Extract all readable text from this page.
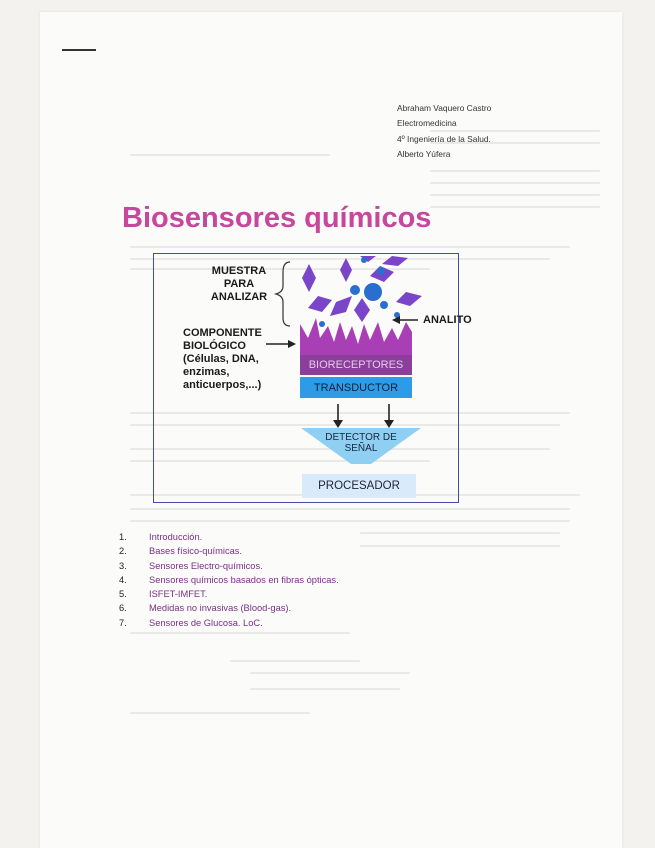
Abraham Vaquero Castro
Electromedicina
4º Ingeniería de la Salud.
Alberto Yúfera
Biosensores químicos
MUESTRA
PARA
ANALIZAR
ANALITO
COMPONENTE
BIOLÓGICO
(Células, DNA,
enzimas,
anticuerpos,...)
BIORECEPTORES
TRANSDUCTOR
DETECTOR DE
SEÑAL
PROCESADOR
1.	Introducción.
2.	Bases físico-químicas.
3.	Sensores Electro-químicos.
4.	Sensores químicos basados en fibras ópticas.
5.	ISFET-IMFET.
6.	Medidas no invasivas (Blood-gas).
7.	Sensores de Glucosa. LoC.
